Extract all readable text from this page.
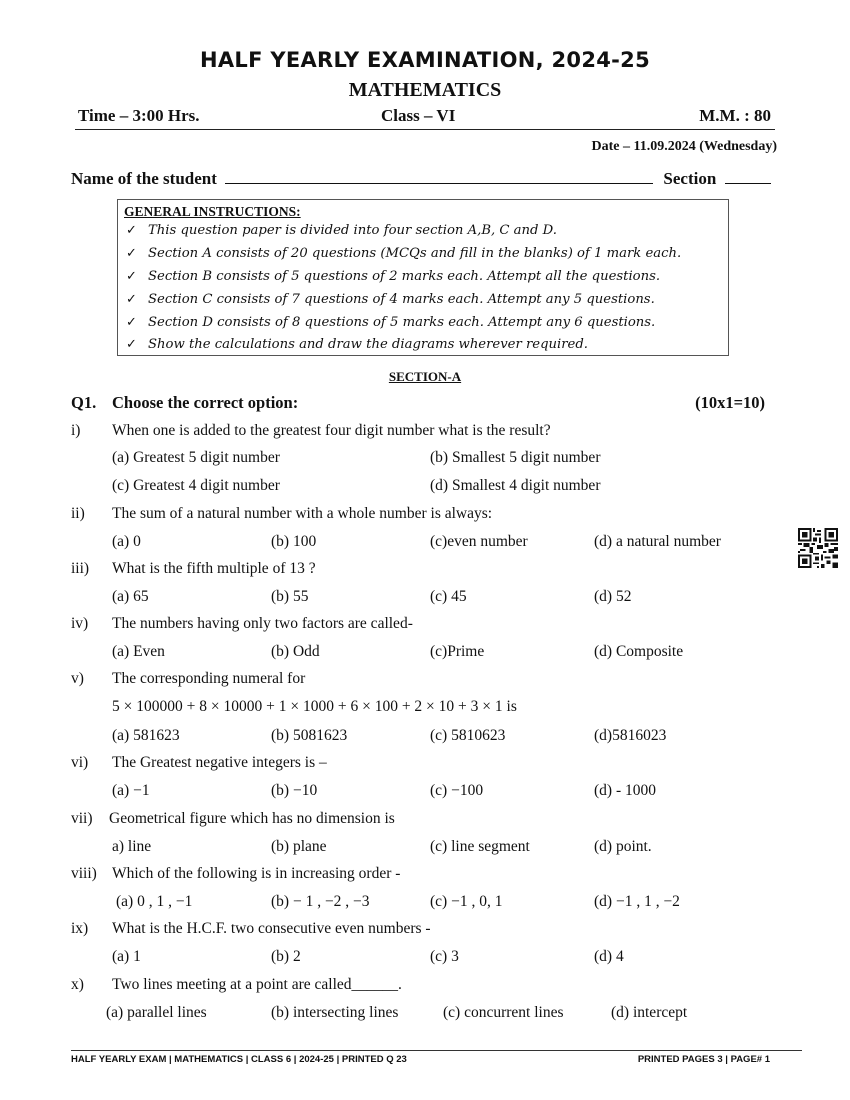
HALF YEARLY EXAMINATION, 2024-25
MATHEMATICS
Time – 3:00 Hrs.	Class – VI	M.M. : 80
Date – 11.09.2024 (Wednesday)
Name of the student	Section
GENERAL INSTRUCTIONS:
✓ This question paper is divided into four section A,B, C and D.
✓ Section A consists of 20 questions (MCQs and fill in the blanks) of 1 mark each.
✓ Section B consists of 5 questions of 2 marks each. Attempt all the questions.
✓ Section C consists of 7 questions of 4 marks each. Attempt any 5 questions.
✓ Section D consists of 8 questions of 5 marks each. Attempt any 6 questions.
✓ Show the calculations and draw the diagrams wherever required.
SECTION-A
Q1. Choose the correct option:	(10x1=10)
i) When one is added to the greatest four digit number what is the result?
(a) Greatest 5 digit number	(b) Smallest 5 digit number
(c) Greatest 4 digit number	(d) Smallest 4 digit number
ii) The sum of a natural number with a whole number is always:
(a) 0	(b) 100	(c)even number	(d) a natural number
iii) What is the fifth multiple of 13 ?
(a) 65	(b) 55	(c) 45	(d) 52
iv) The numbers having only two factors are called-
(a) Even	(b) Odd	(c)Prime	(d) Composite
v) The corresponding numeral for
5 × 100000 + 8 × 10000 + 1 × 1000 + 6 × 100 + 2 × 10 + 3 × 1 is
(a) 581623	(b) 5081623	(c) 5810623	(d)5816023
vi) The Greatest negative integers is –
(a) −1	(b) −10	(c) −100	(d) - 1000
vii) Geometrical figure which has no dimension is
a) line	(b) plane	(c) line segment	(d) point.
viii) Which of the following is in increasing order -
(a) 0 , 1 , −1	(b) − 1 , −2 , −3	(c) −1 , 0, 1	(d) −1 , 1 , −2
ix) What is the H.C.F. two consecutive even numbers -
(a) 1	(b) 2	(c) 3	(d) 4
x) Two lines meeting at a point are called______.
(a) parallel lines	(b) intersecting lines	(c) concurrent lines	(d) intercept
HALF YEARLY EXAM | MATHEMATICS | CLASS 6 | 2024-25 | PRINTED Q 23	PRINTED PAGES 3 | PAGE# 1
